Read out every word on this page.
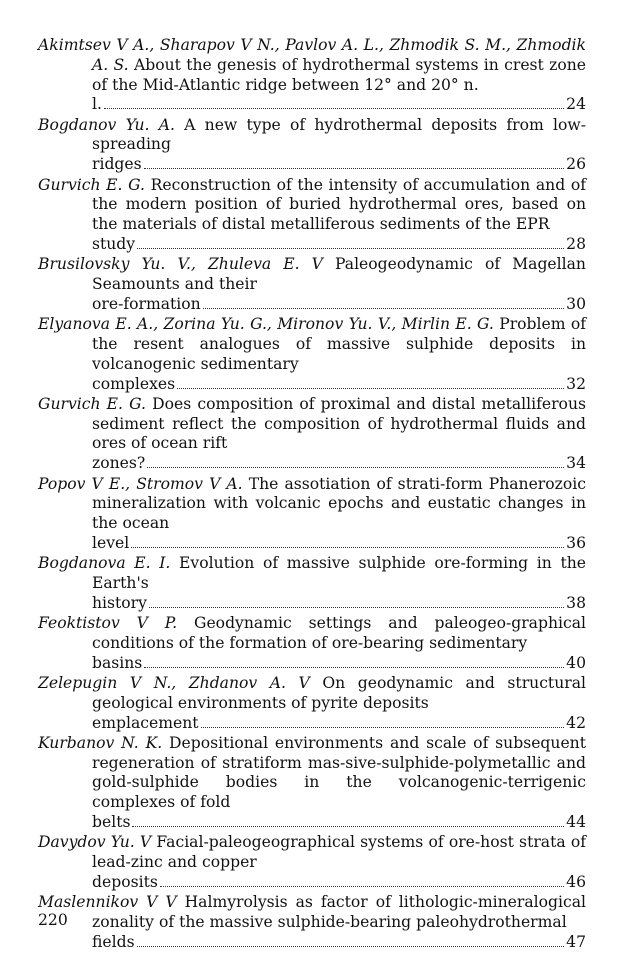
Akimtsev V A., Sharapov V N., Pavlov A. L., Zhmodik S. M., Zhmodik A. S. About the genesis of hydrothermal systems in crest zone of the Mid-Atlantic ridge between 12° and 20° n.
l.	24

Bogdanov Yu. A. A new type of hydrothermal deposits from low-spreading
ridges	26

Gurvich E. G. Reconstruction of the intensity of accumulation and of the modern position of buried hydrothermal ores, based on the materials of distal metalliferous sediments of the EPR
study	28

Brusilovsky Yu. V., Zhuleva E. V Paleogeodynamic of Magellan Seamounts and their
ore-formation	30

Elyanova E. A., Zorina Yu. G., Mironov Yu. V., Mirlin E. G. Problem of the resent analogues of massive sulphide deposits in volcanogenic sedimentary
complexes	32

Gurvich E. G. Does composition of proximal and distal metalliferous sediment reflect the composition of hydrothermal fluids and ores of ocean rift
zones?	34

Popov V E., Stromov V A. The assotiation of strati-form Phanerozoic mineralization with volcanic epochs and eustatic changes in the ocean
level	36

Bogdanova E. I. Evolution of massive sulphide ore-forming in the Earth's
history	38

Feoktistov V P. Geodynamic settings and paleogeo-graphical conditions of the formation of ore-bearing sedimentary
basins	40

Zelepugin V N., Zhdanov A. V On geodynamic and structural geological environments of pyrite deposits
emplacement	42

Kurbanov N. K. Depositional environments and scale of subsequent regeneration of stratiform mas-sive-sulphide-polymetallic and gold-sulphide bodies in the volcanogenic-terrigenic complexes of fold
belts	44

Davydov Yu. V Facial-paleogeographical systems of ore-host strata of lead-zinc and copper
deposits	46

Maslennikov V V Halmyrolysis as factor of lithologic-mineralogical zonality of the massive sulphide-bearing paleohydrothermal
fields	47

220
